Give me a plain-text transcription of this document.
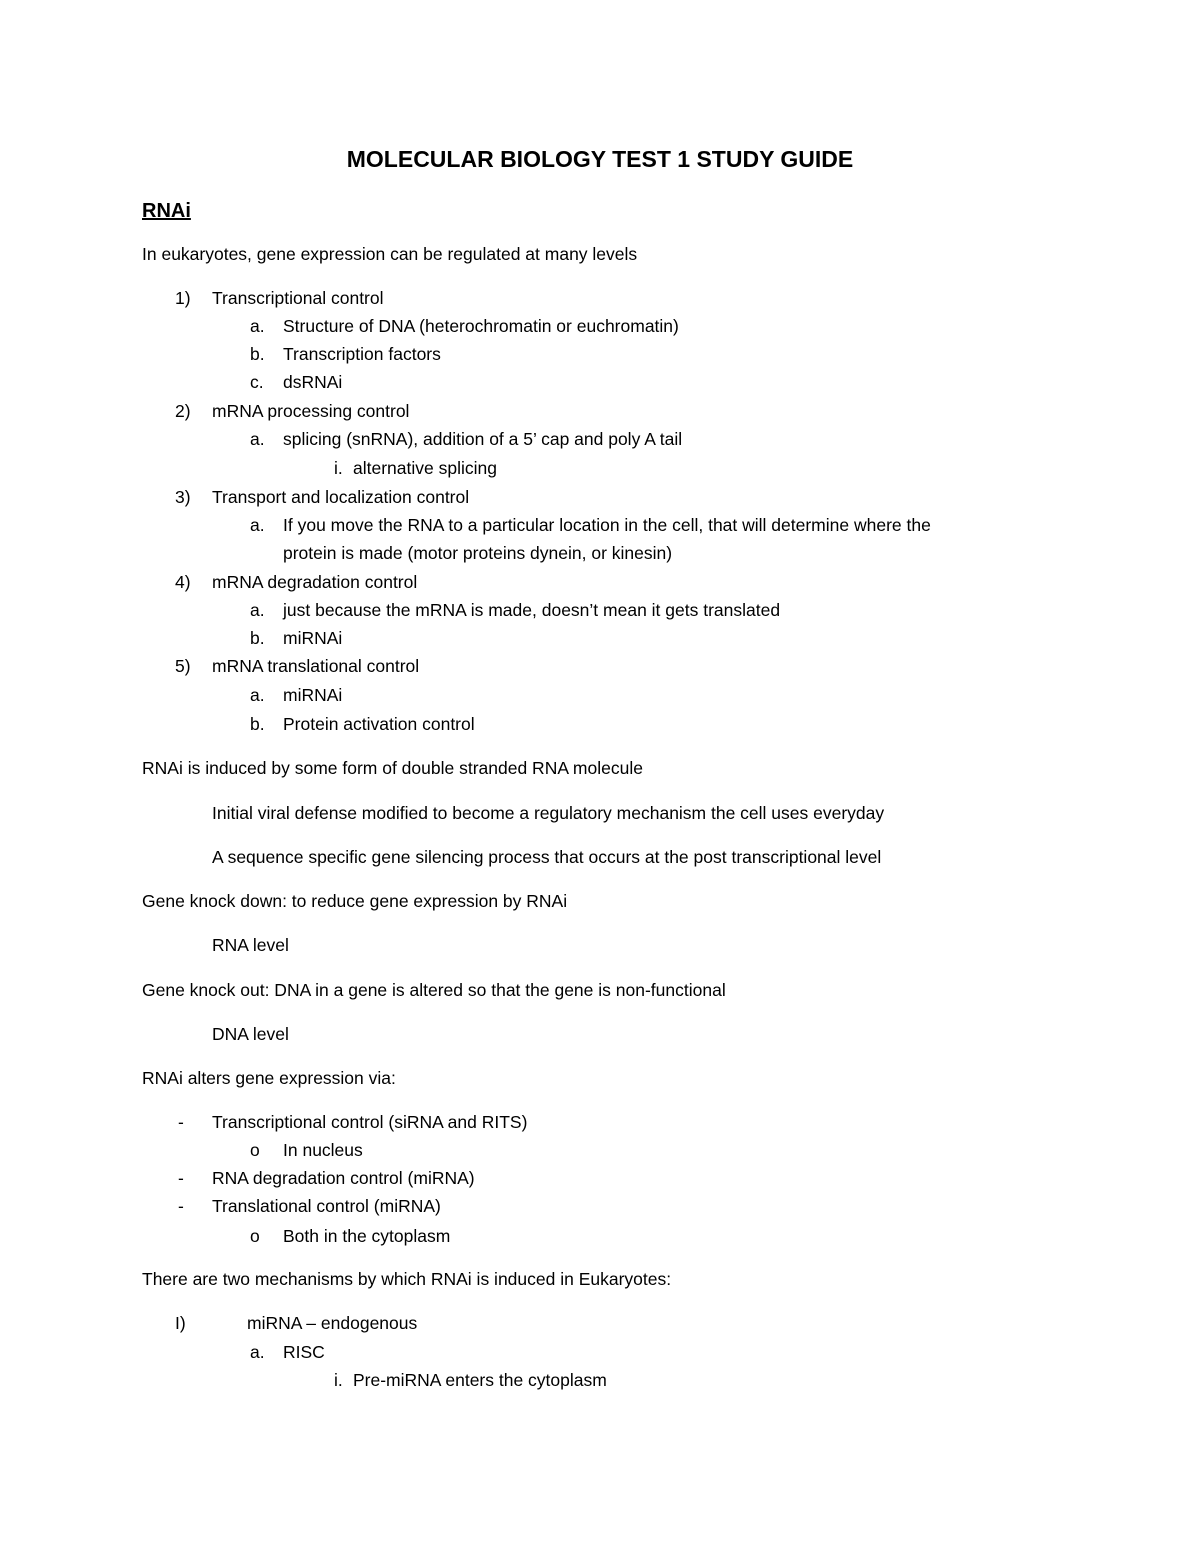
MOLECULAR BIOLOGY TEST 1 STUDY GUIDE
RNAi
In eukaryotes, gene expression can be regulated at many levels
1) Transcriptional control
a. Structure of DNA (heterochromatin or euchromatin)
b. Transcription factors
c. dsRNAi
2) mRNA processing control
a. splicing (snRNA), addition of a 5’ cap and poly A tail
i. alternative splicing
3) Transport and localization control
a. If you move the RNA to a particular location in the cell, that will determine where the
protein is made (motor proteins dynein, or kinesin)
4) mRNA degradation control
a. just because the mRNA is made, doesn’t mean it gets translated
b. miRNAi
5) mRNA translational control
a. miRNAi
b. Protein activation control
RNAi is induced by some form of double stranded RNA molecule
Initial viral defense modified to become a regulatory mechanism the cell uses everyday
A sequence specific gene silencing process that occurs at the post transcriptional level
Gene knock down: to reduce gene expression by RNAi
RNA level
Gene knock out: DNA in a gene is altered so that the gene is non-functional
DNA level
RNAi alters gene expression via:
- Transcriptional control (siRNA and RITS)
o In nucleus
- RNA degradation control (miRNA)
- Translational control (miRNA)
o Both in the cytoplasm
There are two mechanisms by which RNAi is induced in Eukaryotes:
I)	miRNA – endogenous
a. RISC
i. Pre-miRNA enters the cytoplasm
